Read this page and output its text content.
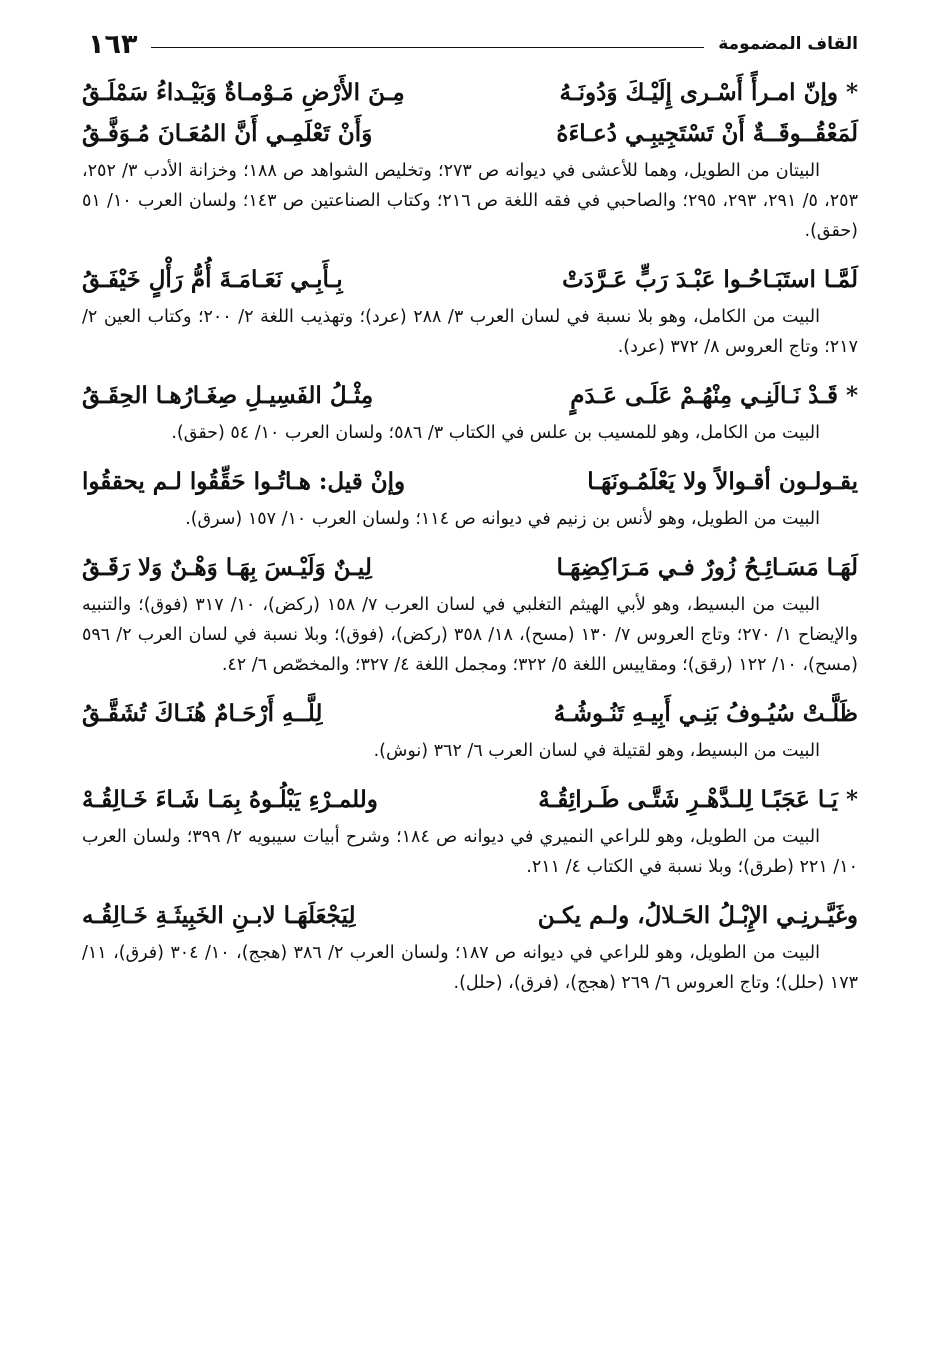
القاف المضمومة
١٦٣
* وإنّ امـرأً أَسْـرى إِلَيْـكَ وَدُونَـهُ
مِـنَ الأَرْضِ مَـوْمـاةٌ وَبَيْـداءُ سَمْلَـقُ
لَمَعْقُــوقَــةٌ أَنْ تَسْتَجِيبِـي دُعـاءَهُ
وَأَنْ تَعْلَمِـي أَنَّ المُعَـانَ مُـوَفَّـقُ

البيتان من الطويل، وهما للأعشى في ديوانه ص ٢٧٣؛ وتخليص الشواهد ص ١٨٨؛ وخزانة الأدب ٣/ ٢٥٢، ٢٥٣، ٥/ ٢٩١، ٢٩٣، ٢٩٥؛ والصاحبي في فقه اللغة ص ٢١٦؛ وكتاب الصناعتين ص ١٤٣؛ ولسان العرب ١٠/ ٥١ (حقق).

لَمَّـا استَبَـاحُـوا عَبْـدَ رَبٍّ عَـرَّدَتْ
بِـأَبِـي نَعَـامَـةَ أُمُّ رَأْلٍ خَيْفَـقُ

البيت من الكامل، وهو بلا نسبة في لسان العرب ٣/ ٢٨٨ (عرد)؛ وتهذيب اللغة ٢/ ٢٠٠؛ وكتاب العين ٢/ ٢١٧؛ وتاج العروس ٨/ ٣٧٢ (عرد).

* قَـدْ نَـالَنِـي مِنْهُـمْ عَلَـى عَـدَمٍ
مِثْـلُ الفَسِيـلِ صِغَـارُهـا الحِقَـقُ

البيت من الكامل، وهو للمسيب بن علس في الكتاب ٣/ ٥٨٦؛ ولسان العرب ١٠/ ٥٤ (حقق).

يقـولـون أقـوالاً ولا يَعْلَمُـونَهَـا
وإنْ قيل: هـاتُـوا حَقِّقُوا لـم يحققُوا

البيت من الطويل، وهو لأنس بن زنيم في ديوانه ص ١١٤؛ ولسان العرب ١٠/ ١٥٧ (سرق).

لَهَـا مَسَـائِـحُ زُورٌ فـي مَـرَاكِضِهَـا
لِيـنٌ وَلَيْـسَ بِهَـا وَهْـنٌ وَلا رَقَـقُ

البيت من البسيط، وهو لأبي الهيثم التغلبي في لسان العرب ٧/ ١٥٨ (ركض)، ١٠/ ٣١٧ (فوق)؛ والتنبيه والإيضاح ١/ ٢٧٠؛ وتاج العروس ٧/ ١٣٠ (مسح)، ١٨/ ٣٥٨ (ركض)، (فوق)؛ وبلا نسبة في لسان العرب ٢/ ٥٩٦ (مسح)، ١٠/ ١٢٢ (رقق)؛ ومقاييس اللغة ٥/ ٣٢٢؛ ومجمل اللغة ٤/ ٣٢٧؛ والمخصّص ٦/ ٤٢.

ظَلَّـتْ سُيُـوفُ بَنِـي أَبِيـهِ تَنُـوشُـهُ
لِلَّــهِ أَرْحَـامٌ هُنَـاكَ تُشَقَّـقُ

البيت من البسيط، وهو لقتيلة في لسان العرب ٦/ ٣٦٢ (نوش).

* يَـا عَجَبًـا لِلـدَّهْـرِ شَتَّـى طَـرائِقُـهْ
وللمـرْءِ يَبْلُـوهُ بِمَـا شَـاءَ خَـالِقُـهْ

البيت من الطويل، وهو للراعي النميري في ديوانه ص ١٨٤؛ وشرح أبيات سيبويه ٢/ ٣٩٩؛ ولسان العرب ١٠/ ٢٢١ (طرق)؛ وبلا نسبة في الكتاب ٤/ ٢١١.

وغَيَّـرنِـي الإِبْـلُ الحَـلالُ، ولـم يكـن
لِيَجْعَلَهَـا لابـنِ الخَبِيثَـةِ خَـالِقُـه

البيت من الطويل، وهو للراعي في ديوانه ص ١٨٧؛ ولسان العرب ٢/ ٣٨٦ (هجج)، ١٠/ ٣٠٤ (فرق)، ١١/ ١٧٣ (حلل)؛ وتاج العروس ٦/ ٢٦٩ (هجج)، (فرق)، (حلل).
